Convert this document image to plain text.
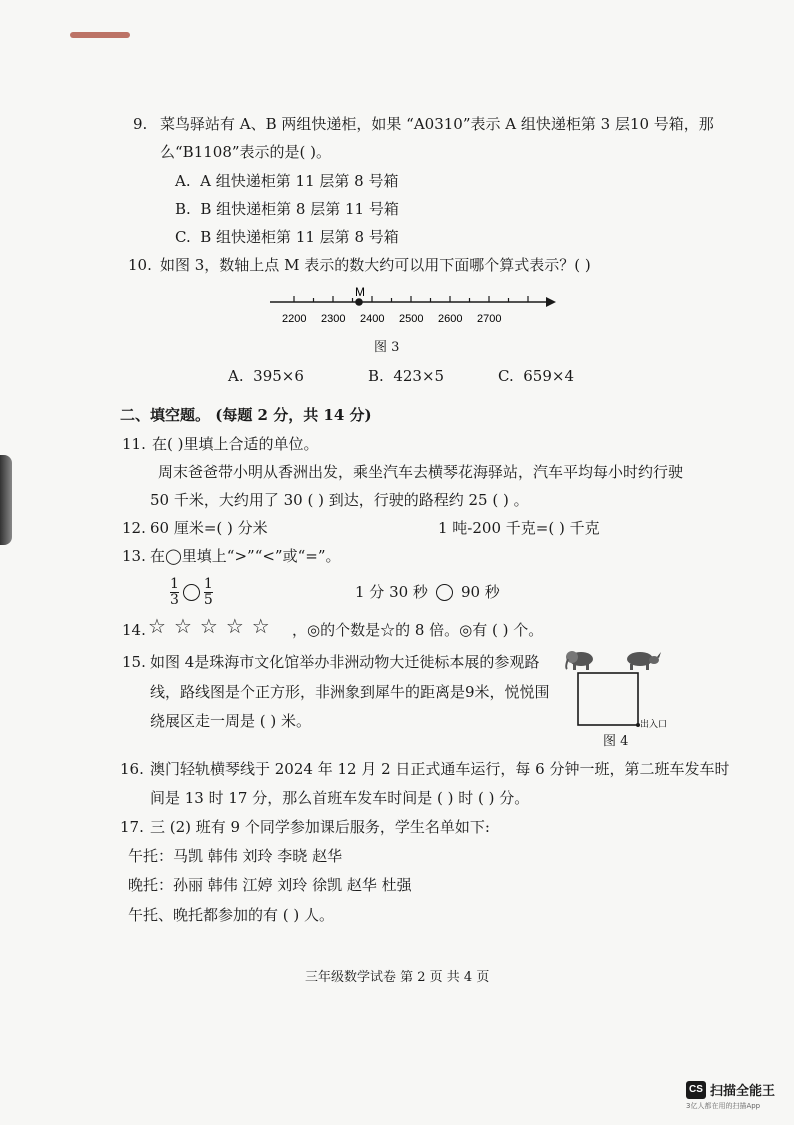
9. 菜鸟驿站有 A、B 两组快递柜，如果 “A0310”表示 A 组快递柜第 3 层10 号箱，那
么“B1108”表示的是( )。
A. A 组快递柜第 11 层第 8 号箱
B. B 组快递柜第 8 层第 11 号箱
C. B 组快递柜第 11 层第 8 号箱
10. 如图 3，数轴上点 M 表示的数大约可以用下面哪个算式表示？( )
M
2200 2300 2400 2500 2600 2700
图 3
A. 395×6	B. 423×5	C. 659×4
二、填空题。 (每题 2 分，共 14 分)
11. 在( )里填上合适的单位。
周末爸爸带小明从香洲出发，乘坐汽车去横琴花海驿站，汽车平均每小时约行驶
50 千米，大约用了 30 ( ) 到达，行驶的路程约 25 ( ) 。
12. 60 厘米=( ) 分米	1 吨-200 千克=( ) 千克
13. 在◯里填上“>”“<”或“=”。
$\frac{1}{3} \frac{1}{5}$	1 分 30 秒 90 秒
14. ☆ ☆ ☆ ☆ ☆ ，◎的个数是☆的 8 倍。◎有 ( ) 个。
15. 如图 4是珠海市文化馆举办非洲动物大迁徙标本展的参观路
线，路线图是个正方形，非洲象到犀牛的距离是9米，悦悦围
绕展区走一周是 ( ) 米。	出入口
图 4
16. 澳门轻轨横琴线于 2024 年 12 月 2 日正式通车运行，每 6 分钟一班，第二班车发车时
间是 13 时 17 分，那么首班车发车时间是 ( ) 时 ( ) 分。
17. 三 (2) 班有 9 个同学参加课后服务，学生名单如下:
午托：马凯 韩伟 刘玲 李晓 赵华
晚托：孙丽 韩伟 江婷 刘玲 徐凯 赵华 杜强
午托、晚托都参加的有 ( ) 人。
三年级数学试卷 第 2 页 共 4 页
CS 扫描全能王
3亿人都在用的扫描App
